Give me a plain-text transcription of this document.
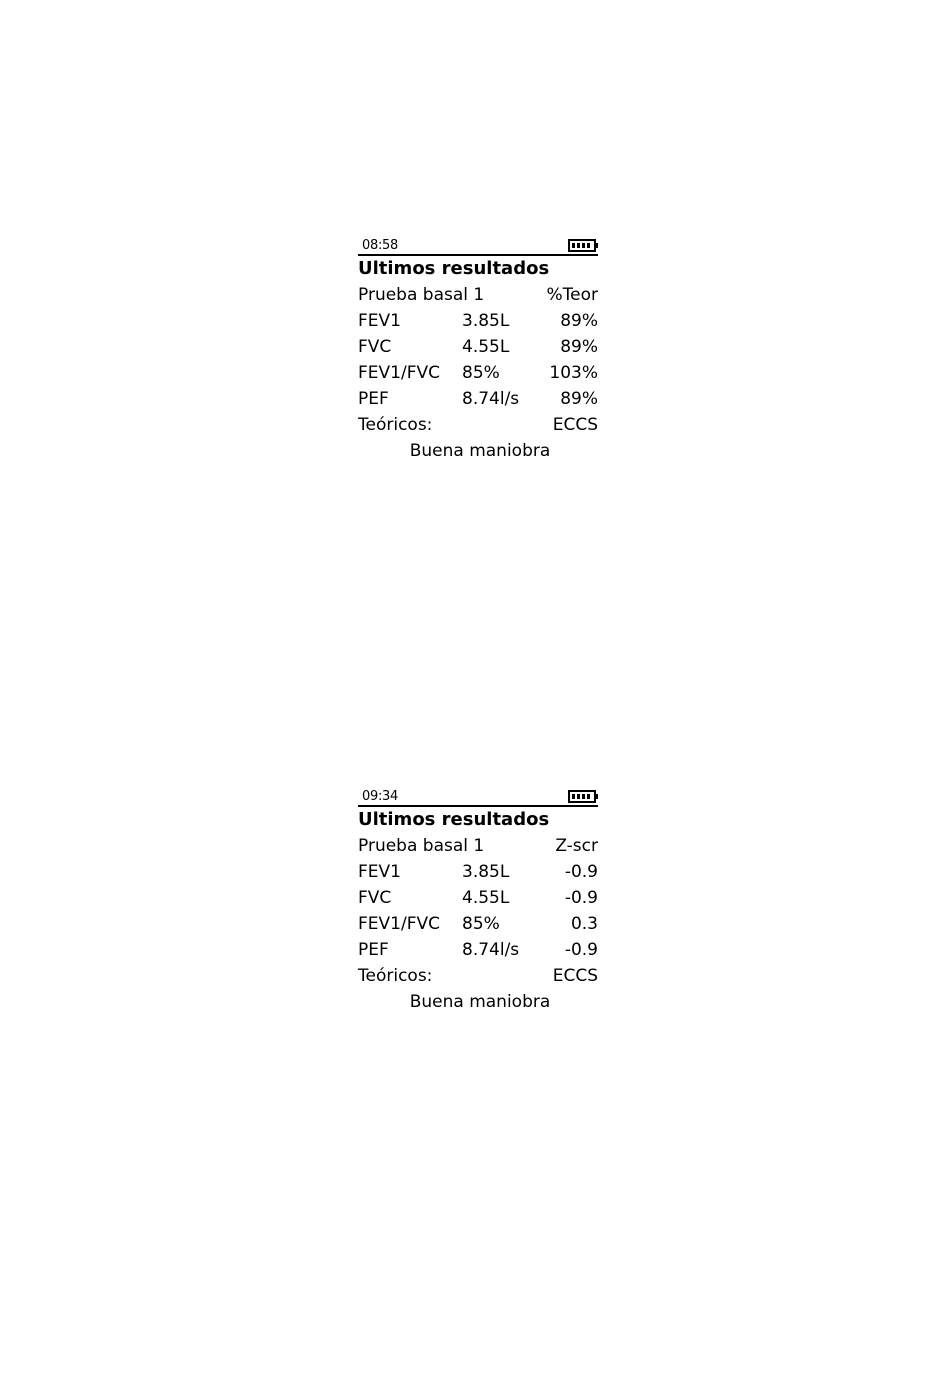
08:58
Ultimos resultados
Prueba basal 1	%Teor
FEV1	3.85L	89%
FVC	4.55L	89%
FEV1/FVC 85%	103%
PEF	8.74l/s 89%
Teóricos:	ECCS
Buena maniobra
09:34
Ultimos resultados
Prueba basal 1	Z-scr
FEV1	3.85L	-0.9
FVC	4.55L	-0.9
FEV1/FVC 85%	0.3
PEF	8.74l/s	-0.9
Teóricos:	ECCS
Buena maniobra
